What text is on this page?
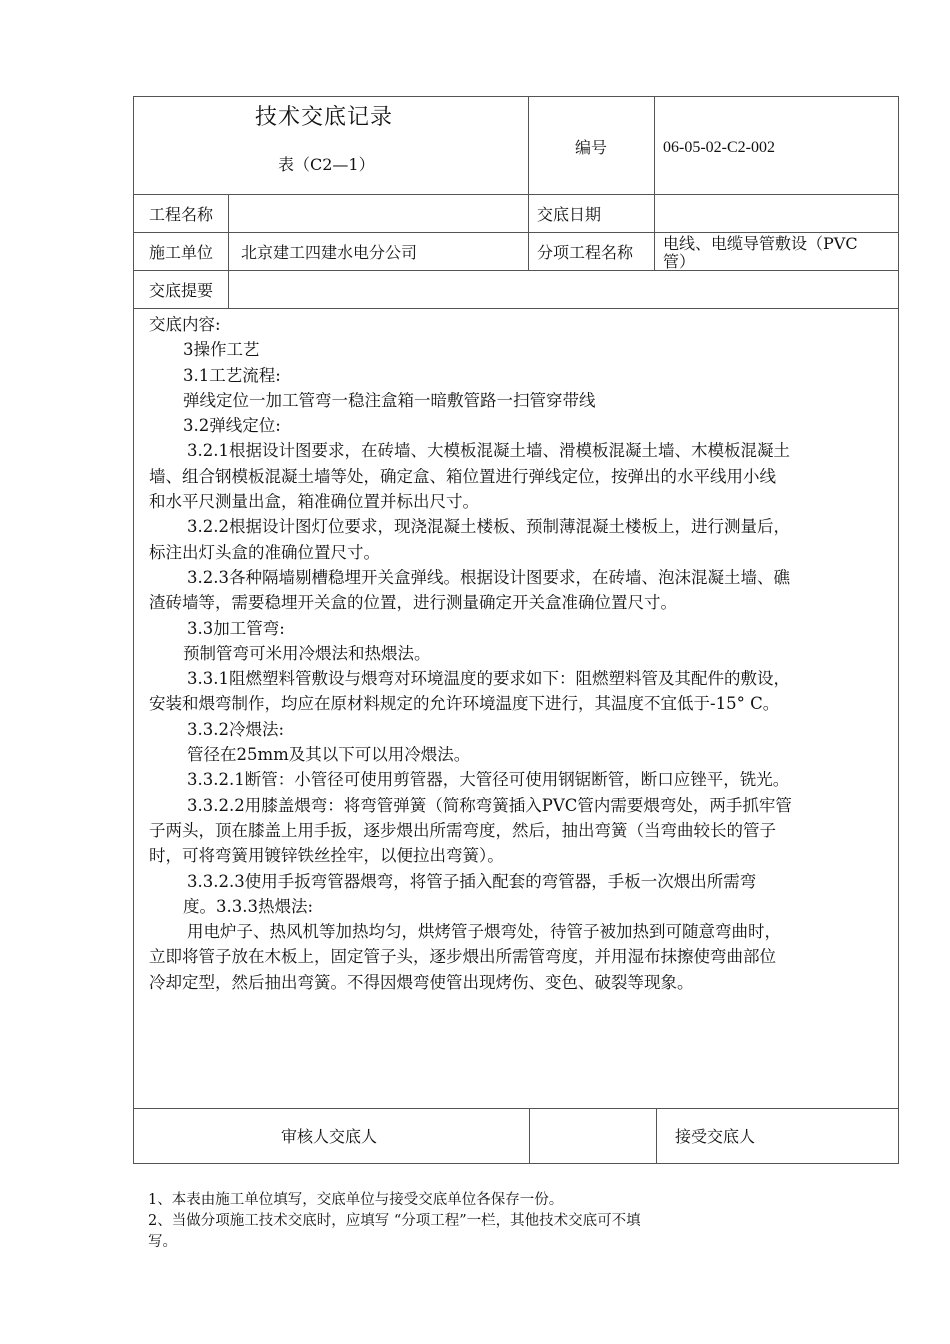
技术交底记录
表（C2—1）
编号	06-05-02-C2-002
工程名称	交底日期
施工单位 北京建工四建水电分公司	分项工程名称 电线、电缆导管敷设（PVC
管）
交底提要

交底内容:

3操作工艺

3.1工艺流程:

弹线定位一加工管弯一稳注盒箱一暗敷管路一扫管穿带线

3.2弹线定位:

3.2.1根据设计图要求，在砖墙、大模板混凝土墙、滑模板混凝土墙、木模板混凝土

墙、组合钢模板混凝土墙等处，确定盒、箱位置进行弹线定位，按弹出的水平线用小线

和水平尺测量出盒，箱准确位置并标出尺寸。

3.2.2根据设计图灯位要求，现浇混凝土楼板、预制薄混凝土楼板上，进行测量后，

标注出灯头盒的准确位置尺寸。

3.2.3各种隔墙剔槽稳埋开关盒弹线。根据设计图要求，在砖墙、泡沫混凝土墙、礁

渣砖墙等，需要稳埋开关盒的位置，进行测量确定开关盒准确位置尺寸。

3.3加工管弯:

预制管弯可米用冷煨法和热煨法。

3.3.1阻燃塑料管敷设与煨弯对环境温度的要求如下：阻燃塑料管及其配件的敷设，

安装和煨弯制作，均应在原材料规定的允许环境温度下进行，其温度不宜低于-15° C。

3.3.2冷煨法:

管径在25mm及其以下可以用冷煨法。

3.3.2.1断管：小管径可使用剪管器，大管径可使用钢锯断管，断口应锉平，铣光。

3.3.2.2用膝盖煨弯：将弯管弹簧（简称弯簧插入PVC管内需要煨弯处，两手抓牢管

子两头，顶在膝盖上用手扳，逐步煨出所需弯度，然后，抽出弯簧（当弯曲较长的管子

时，可将弯簧用镀锌铁丝拴牢，以便拉出弯簧）。

3.3.2.3使用手扳弯管器煨弯，将管子插入配套的弯管器，手板一次煨出所需弯

度。3.3.3热煨法:

用电炉子、热风机等加热均匀，烘烤管子煨弯处，待管子被加热到可随意弯曲时，

立即将管子放在木板上，固定管子头，逐步煨出所需管弯度，并用湿布抹擦使弯曲部位

冷却定型，然后抽出弯簧。不得因煨弯使管出现烤伤、变色、破裂等现象。

审核人交底人	接受交底人

1、本表由施工单位填写，交底单位与接受交底单位各保存一份。

2、当做分项施工技术交底时，应填写 “分项工程”一栏，其他技术交底可不填

写。
